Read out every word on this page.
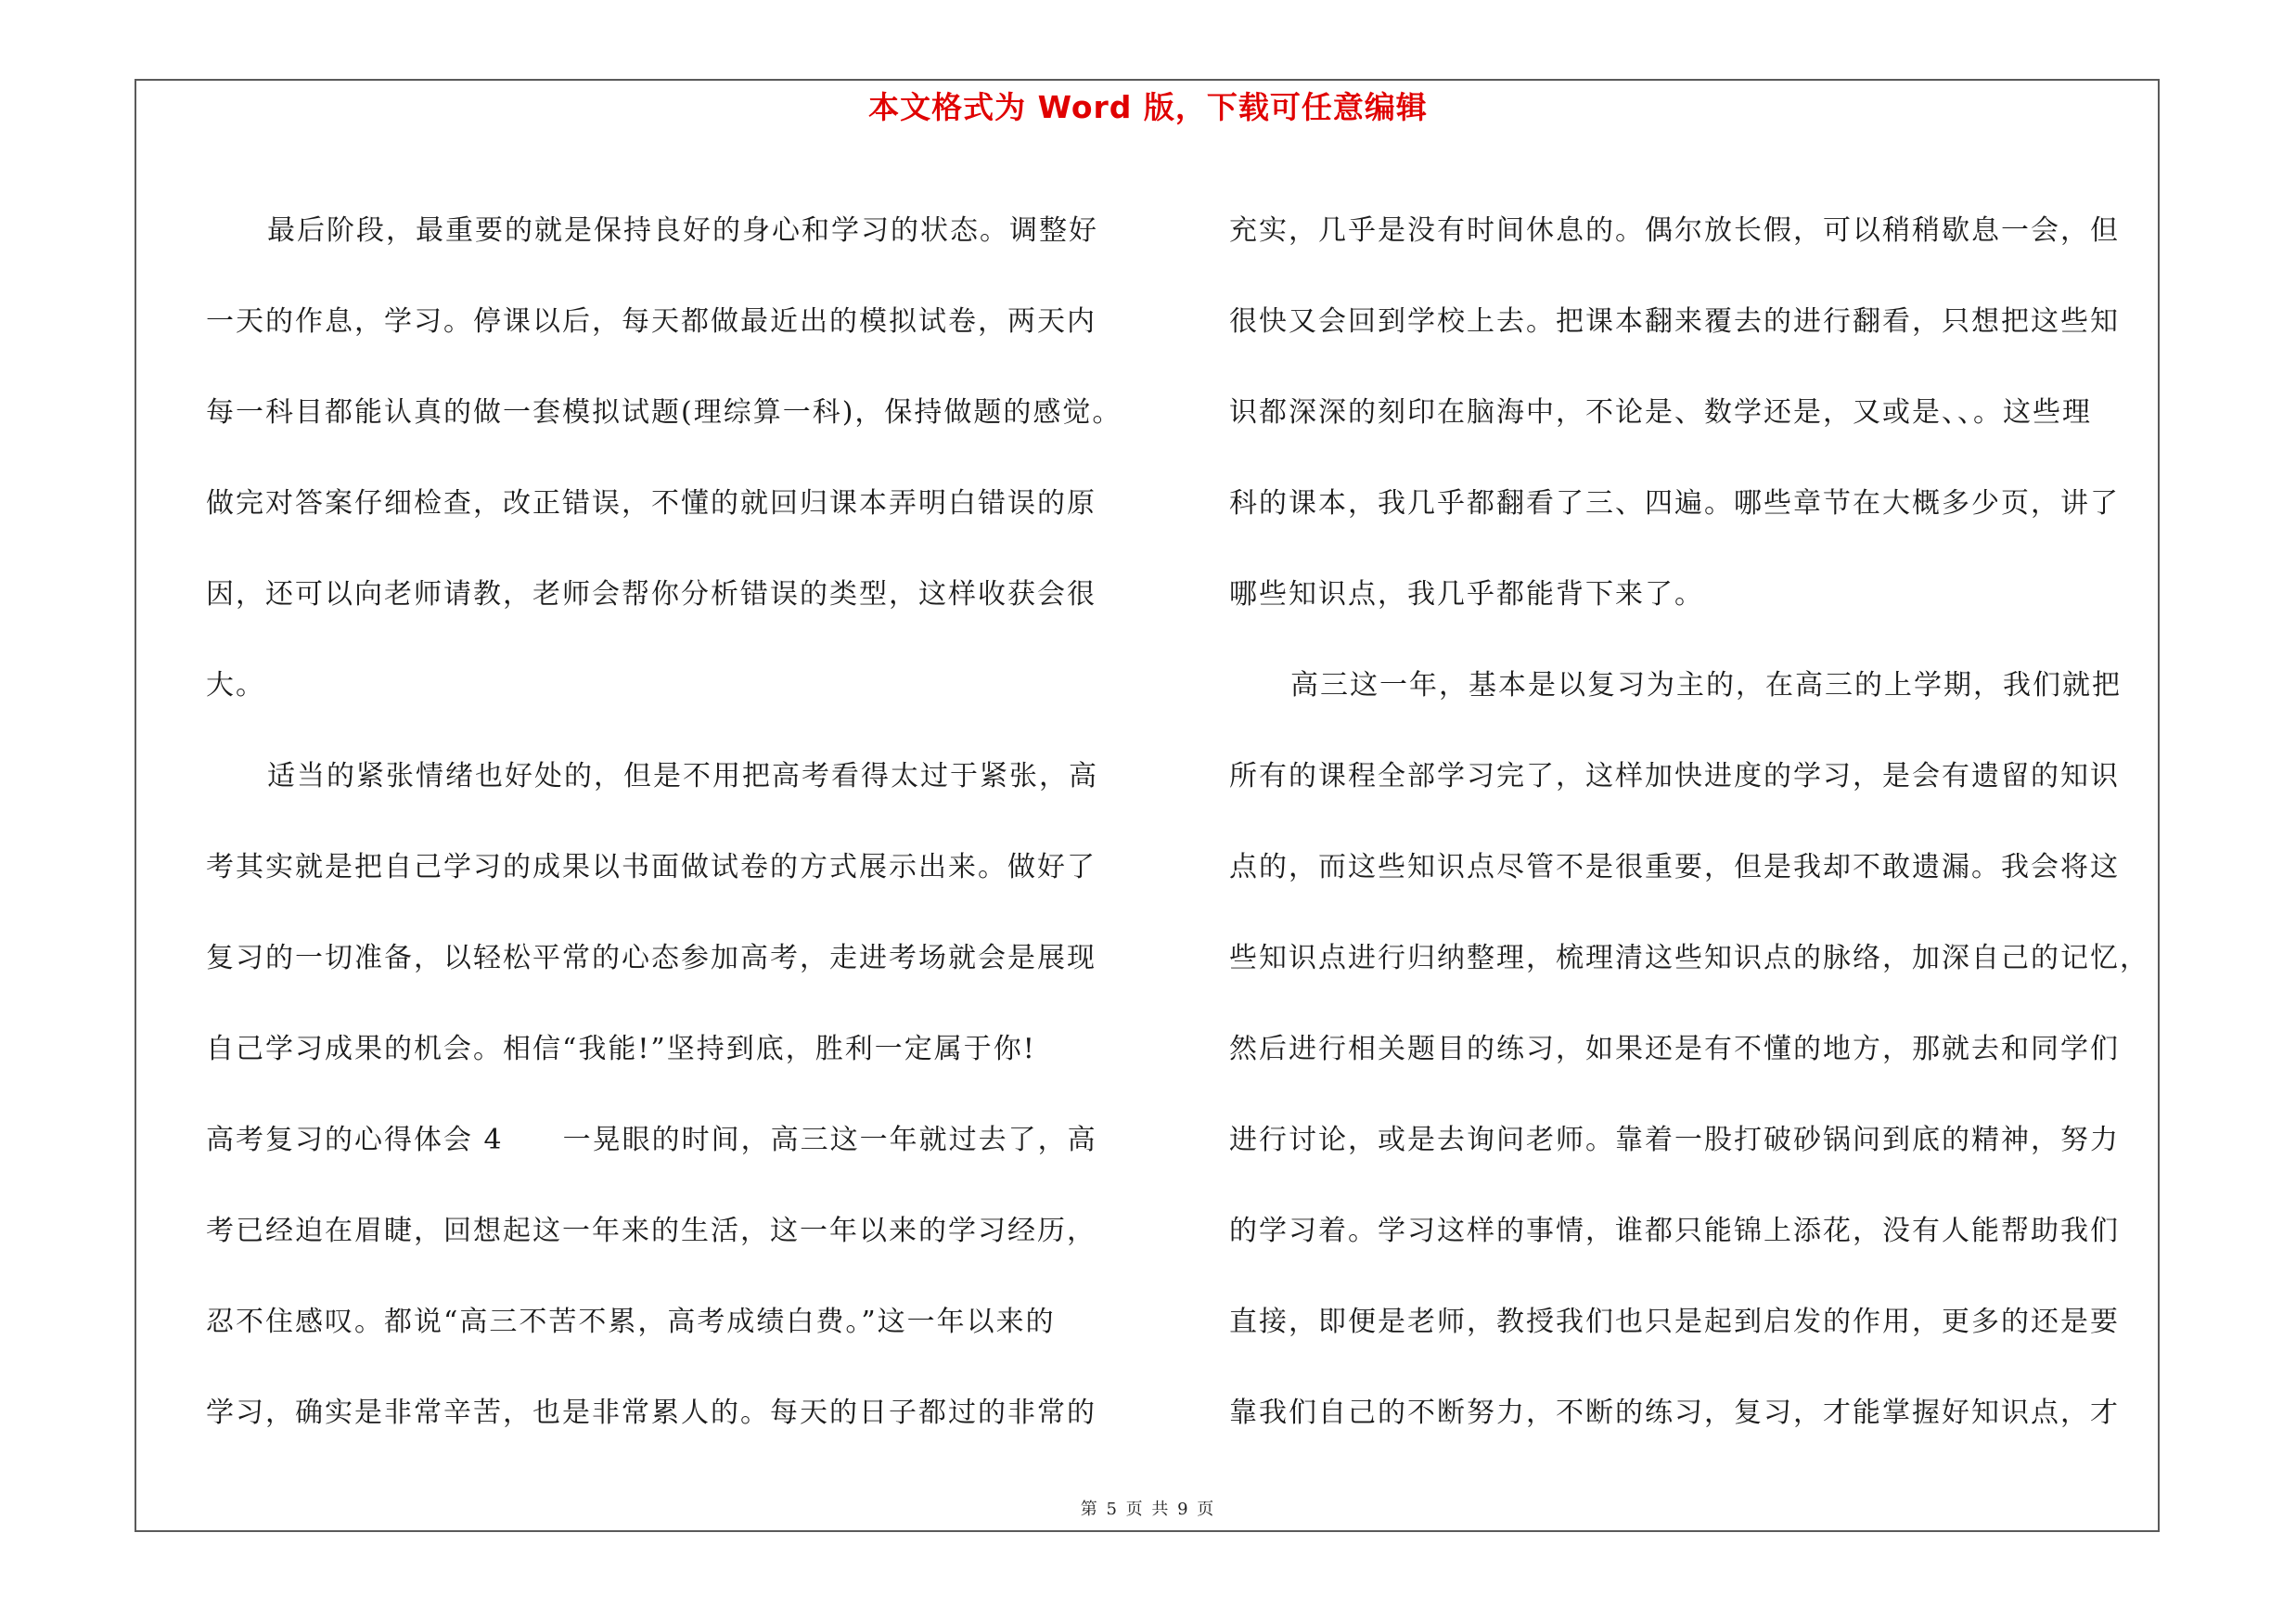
本文格式为 Word 版，下载可任意编辑

最后阶段，最重要的就是保持良好的身心和学习的状态。调整好

一天的作息，学习。停课以后，每天都做最近出的模拟试卷，两天内

每一科目都能认真的做一套模拟试题(理综算一科)，保持做题的感觉。

做完对答案仔细检查，改正错误，不懂的就回归课本弄明白错误的原

因，还可以向老师请教，老师会帮你分析错误的类型，这样收获会很

大。

适当的紧张情绪也好处的，但是不用把高考看得太过于紧张，高

考其实就是把自己学习的成果以书面做试卷的方式展示出来。做好了

复习的一切准备，以轻松平常的心态参加高考，走进考场就会是展现

自己学习成果的机会。相信“我能!”坚持到底，胜利一定属于你!

高考复习的心得体会 4　　一晃眼的时间，高三这一年就过去了，高

考已经迫在眉睫，回想起这一年来的生活，这一年以来的学习经历，

忍不住感叹。都说“高三不苦不累，高考成绩白费。”这一年以来的

学习，确实是非常辛苦，也是非常累人的。每天的日子都过的非常的

充实，几乎是没有时间休息的。偶尔放长假，可以稍稍歇息一会，但

很快又会回到学校上去。把课本翻来覆去的进行翻看，只想把这些知

识都深深的刻印在脑海中，不论是、数学还是，又或是、、。这些理

科的课本，我几乎都翻看了三、四遍。哪些章节在大概多少页，讲了

哪些知识点，我几乎都能背下来了。

高三这一年，基本是以复习为主的，在高三的上学期，我们就把

所有的课程全部学习完了，这样加快进度的学习，是会有遗留的知识

点的，而这些知识点尽管不是很重要，但是我却不敢遗漏。我会将这

些知识点进行归纳整理，梳理清这些知识点的脉络，加深自己的记忆，

然后进行相关题目的练习，如果还是有不懂的地方，那就去和同学们

进行讨论，或是去询问老师。靠着一股打破砂锅问到底的精神，努力

的学习着。学习这样的事情，谁都只能锦上添花，没有人能帮助我们

直接，即便是老师，教授我们也只是起到启发的作用，更多的还是要

靠我们自己的不断努力，不断的练习，复习，才能掌握好知识点，才

第 5 页 共 9 页
